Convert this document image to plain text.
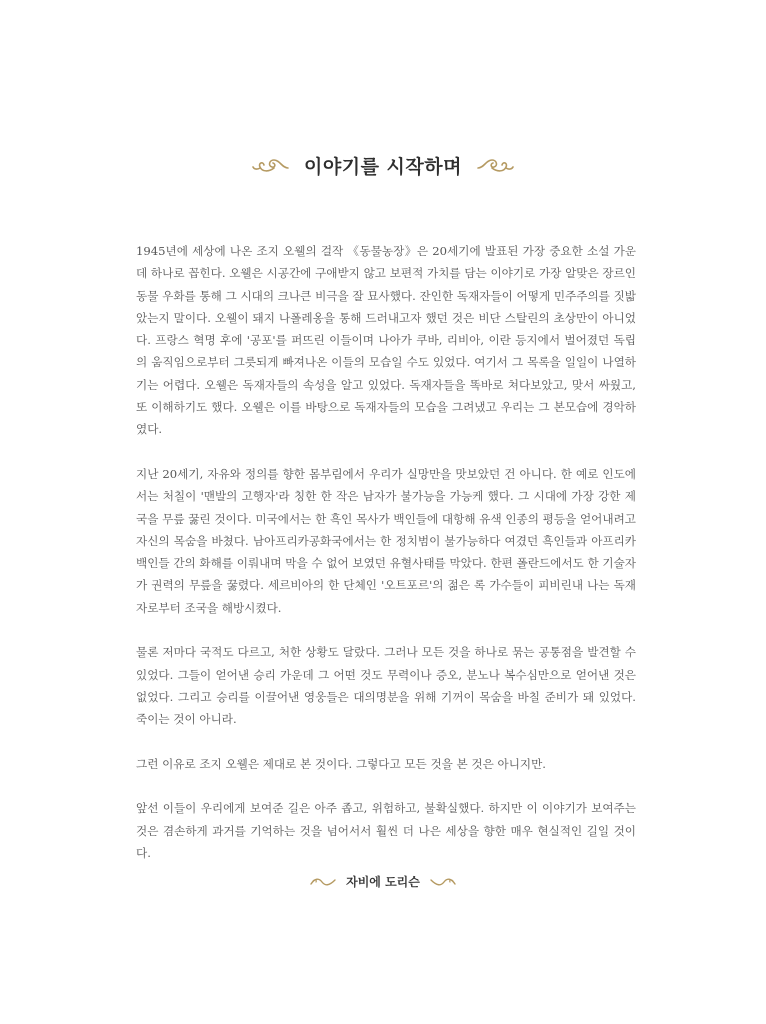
이야기를 시작하며

1945년에 세상에 나온 조지 오웰의 걸작 《동물농장》은 20세기에 발표된 가장 중요한 소설 가운데 하나로 꼽힌다. 오웰은 시공간에 구애받지 않고 보편적 가치를 담는 이야기로 가장 알맞은 장르인 동물 우화를 통해 그 시대의 크나큰 비극을 잘 묘사했다. 잔인한 독재자들이 어떻게 민주주의를 짓밟았는지 말이다. 오웰이 돼지 나폴레옹을 통해 드러내고자 했던 것은 비단 스탈린의 초상만이 아니었다. 프랑스 혁명 후에 '공포'를 퍼뜨린 이들이며 나아가 쿠바, 리비아, 이란 등지에서 벌어졌던 독립의 움직임으로부터 그릇되게 빠져나온 이들의 모습일 수도 있었다. 여기서 그 목록을 일일이 나열하기는 어렵다. 오웰은 독재자들의 속성을 알고 있었다. 독재자들을 똑바로 쳐다보았고, 맞서 싸웠고, 또 이해하기도 했다. 오웰은 이를 바탕으로 독재자들의 모습을 그려냈고 우리는 그 본모습에 경악하였다.

지난 20세기, 자유와 정의를 향한 몸부림에서 우리가 실망만을 맛보았던 건 아니다. 한 예로 인도에서는 처칠이 '맨발의 고행자'라 칭한 한 작은 남자가 불가능을 가능케 했다. 그 시대에 가장 강한 제국을 무릎 꿇린 것이다. 미국에서는 한 흑인 목사가 백인들에 대항해 유색 인종의 평등을 얻어내려고 자신의 목숨을 바쳤다. 남아프리카공화국에서는 한 정치범이 불가능하다 여겼던 흑인들과 아프리카 백인들 간의 화해를 이뤄내며 막을 수 없어 보였던 유혈사태를 막았다. 한편 폴란드에서도 한 기술자가 권력의 무릎을 꿇렸다. 세르비아의 한 단체인 '오트포르'의 젊은 록 가수들이 피비린내 나는 독재자로부터 조국을 해방시켰다.

물론 저마다 국적도 다르고, 처한 상황도 달랐다. 그러나 모든 것을 하나로 묶는 공통점을 발견할 수 있었다. 그들이 얻어낸 승리 가운데 그 어떤 것도 무력이나 증오, 분노나 복수심만으로 얻어낸 것은 없었다. 그리고 승리를 이끌어낸 영웅들은 대의명분을 위해 기꺼이 목숨을 바칠 준비가 돼 있었다. 죽이는 것이 아니라.

그런 이유로 조지 오웰은 제대로 본 것이다. 그렇다고 모든 것을 본 것은 아니지만.

앞선 이들이 우리에게 보여준 길은 아주 좁고, 위험하고, 불확실했다. 하지만 이 이야기가 보여주는 것은 겸손하게 과거를 기억하는 것을 넘어서서 훨씬 더 나은 세상을 향한 매우 현실적인 길일 것이다.

자비에 도리슨
